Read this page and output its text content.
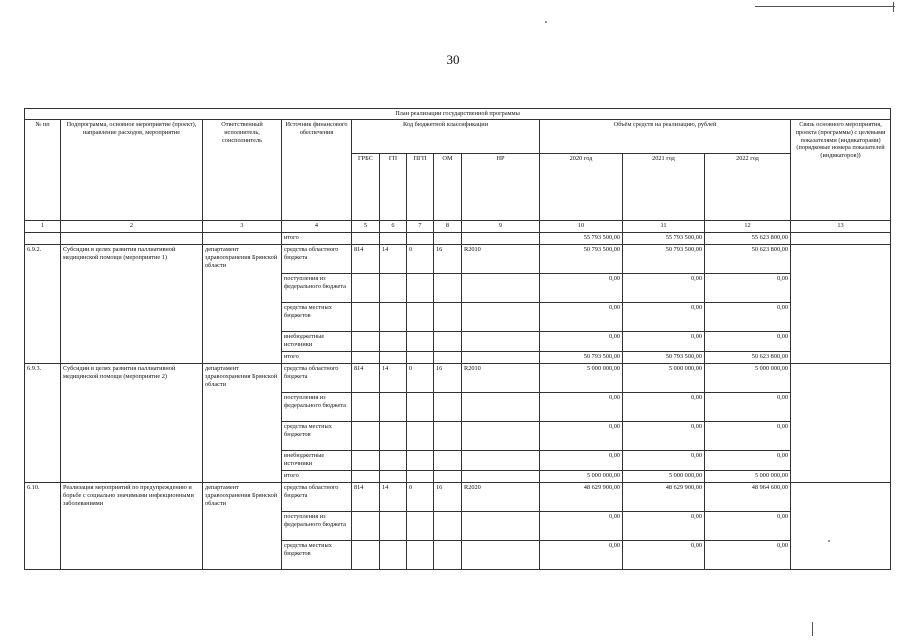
30
План реализации государственной программы												
№ пп	Подпрограмма, основное мероприятие (проект), направление расходов, мероприятие	Ответственный исполнитель, соисполнитель	Источник финансового обеспечения	Код бюджетной классификации					Объём средств на реализацию, рублей			Связь основного мероприятия, проекта (программы) с целевыми показателями (индикаторами) (порядковые номера показателей (индикаторов))
				ГРБС	ГП	ПГП	ОМ	НР	2020 год	2021 год	2022 год	
1	2	3	4	5	6	7	8	9	10	11	12	13
			итого						55 793 500,00	55 793 500,00	55 623 800,00	
6.9.2.	Субсидии в целях развития паллиативной медицинской помощи (мероприятие 1)	департамент здравоохранения Брянской области	средства областного бюджета	814	14	0	16	R2010	50 793 500,00	50 793 500,00	50 623 800,00	
			поступления из федерального бюджета						0,00	0,00	0,00	
			средства местных бюджетов						0,00	0,00	0,00	
			внебюджетные источники						0,00	0,00	0,00	
			итого						50 793 500,00	50 793 500,00	50 623 800,00	
6.9.3.	Субсидии в целях развития паллиативной медицинской помощи (мероприятие 2)	департамент здравоохранения Брянской области	средства областного бюджета	814	14	0	16	R2010	5 000 000,00	5 000 000,00	5 000 000,00	
			поступления из федерального бюджета						0,00	0,00	0,00	
			средства местных бюджетов						0,00	0,00	0,00	
			внебюджетные источники						0,00	0,00	0,00	
			итого						5 000 000,00	5 000 000,00	5 000 000,00	
6.10.	Реализация мероприятий по предупреждению и борьбе с социально значимыми инфекционными заболеваниями	департамент здравоохранения Брянской области	средства областного бюджета	814	14	0	16	R2020	48 629 900,00	48 629 900,00	48 964 600,00	
			поступления из федерального бюджета						0,00	0,00	0,00	
			средства местных бюджетов						0,00	0,00	0,00	
